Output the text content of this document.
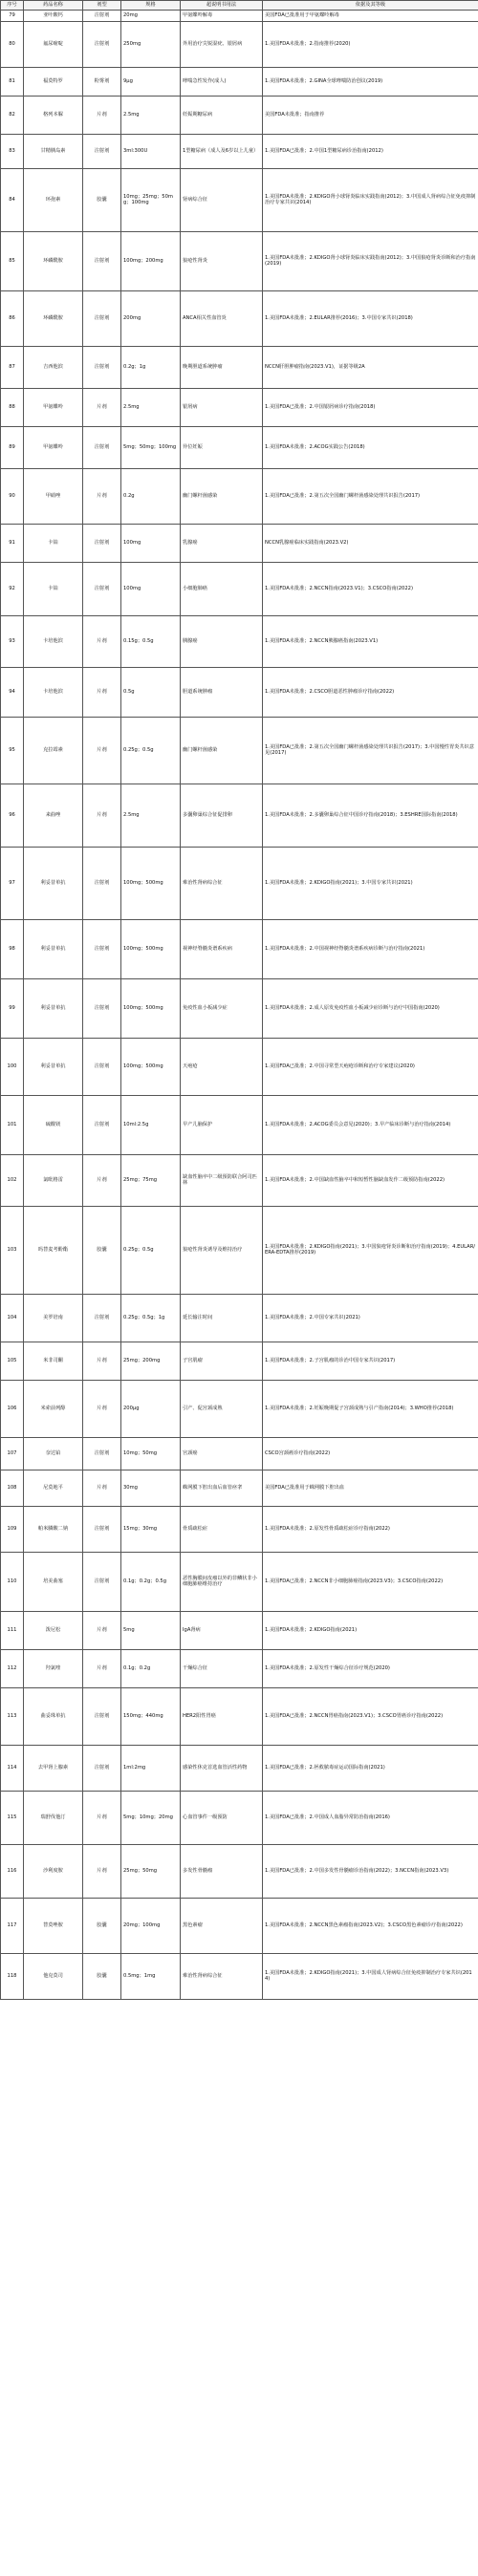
序号	药品名称	剂型	规格	超说明书用法	依据及其等级
79	亚叶酸钙	注射剂	20mg	甲氨蝶呤解毒	美国FDA已批准用于甲氨蝶呤解毒
80	氟尿嘧啶	注射剂	250mg	外用治疗尖锐湿疣、银屑病	1.美国FDA未批准；2.指南推荐(2020)
81	福莫特罗	粉雾剂	9μg	哮喘急性发作(成人)	1.美国FDA未批准；2.GINA全球哮喘防治创议(2019)
82	格列本脲	片剂	2.5mg	妊娠期糖尿病	美国FDA未批准；指南推荐
83	甘精胰岛素	注射剂	3ml:300U	1型糖尿病（成人及6岁以上儿童）	1.美国FDA已批准；2.中国1型糖尿病诊治指南(2012)
84	环孢素	胶囊	10mg；25mg；50mg；100mg	肾病综合征	1.美国FDA未批准；2.KDIGO肾小球肾炎临床实践指南(2012)；3.中国成人肾病综合征免疫抑制治疗专家共识(2014)
85	环磷酰胺	注射剂	100mg；200mg	狼疮性肾炎	1.美国FDA未批准；2.KDIGO肾小球肾炎临床实践指南(2012)；3.中国狼疮肾炎诊断和治疗指南(2019)
86	环磷酰胺	注射剂	200mg	ANCA相关性血管炎	1.美国FDA未批准；2.EULAR推荐(2016)；3.中国专家共识(2018)
87	吉西他滨	注射剂	0.2g；1g	晚期胆道系统肿瘤	NCCN肝胆肿瘤指南(2023.V1)，证据等级2A
88	甲氨蝶呤	片剂	2.5mg	银屑病	1.美国FDA已批准；2.中国银屑病诊疗指南(2018)
89	甲氨蝶呤	注射剂	5mg；50mg；100mg	异位妊娠	1.美国FDA未批准；2.ACOG实践公告(2018)
90	甲硝唑	片剂	0.2g	幽门螺杆菌感染	1.美国FDA已批准；2.第五次全国幽门螺杆菌感染处理共识报告(2017)
91	卡铂	注射剂	100mg	乳腺癌	NCCN乳腺癌临床实践指南(2023.V2)
92	卡铂	注射剂	100mg	小细胞肺癌	1.美国FDA未批准；2.NCCN指南(2023.V1)；3.CSCO指南(2022)
93	卡培他滨	片剂	0.15g；0.5g	胰腺癌	1.美国FDA未批准；2.NCCN胰腺癌指南(2023.V1)
94	卡培他滨	片剂	0.5g	胆道系统肿瘤	1.美国FDA未批准；2.CSCO胆道恶性肿瘤诊疗指南(2022)
95	克拉霉素	片剂	0.25g；0.5g	幽门螺杆菌感染	1.美国FDA已批准；2.第五次全国幽门螺杆菌感染处理共识报告(2017)；3.中国慢性胃炎共识意见(2017)
96	来曲唑	片剂	2.5mg	多囊卵巢综合征促排卵	1.美国FDA未批准；2.多囊卵巢综合征中国诊疗指南(2018)；3.ESHRE国际指南(2018)
97	利妥昔单抗	注射剂	100mg；500mg	难治性肾病综合征	1.美国FDA未批准；2.KDIGO指南(2021)；3.中国专家共识(2021)
98	利妥昔单抗	注射剂	100mg；500mg	视神经脊髓炎谱系疾病	1.美国FDA未批准；2.中国视神经脊髓炎谱系疾病诊断与治疗指南(2021)
99	利妥昔单抗	注射剂	100mg；500mg	免疫性血小板减少症	1.美国FDA未批准；2.成人原发免疫性血小板减少症诊断与治疗中国指南(2020)
100	利妥昔单抗	注射剂	100mg；500mg	天疱疮	1.美国FDA已批准；2.中国寻常型天疱疮诊断和治疗专家建议(2020)
101	硫酸镁	注射剂	10ml:2.5g	早产儿脑保护	1.美国FDA未批准；2.ACOG委员会意见(2020)；3.早产临床诊断与治疗指南(2014)
102	氯吡格雷	片剂	25mg；75mg	缺血性脑卒中二级预防联合阿司匹林	1.美国FDA未批准；2.中国缺血性脑卒中和短暂性脑缺血发作二级预防指南(2022)
103	吗替麦考酚酯	胶囊	0.25g；0.5g	狼疮性肾炎诱导及维持治疗	1.美国FDA未批准；2.KDIGO指南(2021)；3.中国狼疮肾炎诊断和治疗指南(2019)；4.EULAR/ERA-EDTA推荐(2019)
104	美罗培南	注射剂	0.25g；0.5g；1g	延长输注时间	1.美国FDA未批准；2.中国专家共识(2021)
105	米非司酮	片剂	25mg；200mg	子宫肌瘤	1.美国FDA未批准；2.子宫肌瘤的诊治中国专家共识(2017)
106	米索前列醇	片剂	200μg	引产、促宫颈成熟	1.美国FDA未批准；2.妊娠晚期促子宫颈成熟与引产指南(2014)；3.WHO推荐(2018)
107	奈达铂	注射剂	10mg；50mg	宫颈癌	CSCO宫颈癌诊疗指南(2022)
108	尼莫地平	片剂	30mg	蛛网膜下腔出血后血管痉挛	美国FDA已批准用于蛛网膜下腔出血
109	帕米膦酸二钠	注射剂	15mg；30mg	骨质疏松症	1.美国FDA未批准；2.原发性骨质疏松症诊疗指南(2022)
110	培美曲塞	注射剂	0.1g；0.2g；0.5g	恶性胸膜间皮瘤以外的非鳞状非小细胞肺癌维持治疗	1.美国FDA已批准；2.NCCN非小细胞肺癌指南(2023.V3)；3.CSCO指南(2022)
111	泼尼松	片剂	5mg	IgA肾病	1.美国FDA未批准；2.KDIGO指南(2021)
112	羟氯喹	片剂	0.1g；0.2g	干燥综合征	1.美国FDA未批准；2.原发性干燥综合征诊疗规范(2020)
113	曲妥珠单抗	注射剂	150mg；440mg	HER2阳性胃癌	1.美国FDA已批准；2.NCCN胃癌指南(2023.V1)；3.CSCO胃癌诊疗指南(2022)
114	去甲肾上腺素	注射剂	1ml:2mg	感染性休克首选血管活性药物	1.美国FDA已批准；2.拯救脓毒症运动国际指南(2021)
115	瑞舒伐他汀	片剂	5mg；10mg；20mg	心血管事件一级预防	1.美国FDA已批准；2.中国成人血脂异常防治指南(2016)
116	沙利度胺	片剂	25mg；50mg	多发性骨髓瘤	1.美国FDA已批准；2.中国多发性骨髓瘤诊治指南(2022)；3.NCCN指南(2023.V3)
117	替莫唑胺	胶囊	20mg；100mg	黑色素瘤	1.美国FDA未批准；2.NCCN黑色素瘤指南(2023.V2)；3.CSCO黑色素瘤诊疗指南(2022)
118	他克莫司	胶囊	0.5mg；1mg	难治性肾病综合征	1.美国FDA未批准；2.KDIGO指南(2021)；3.中国成人肾病综合征免疫抑制治疗专家共识(2014)
